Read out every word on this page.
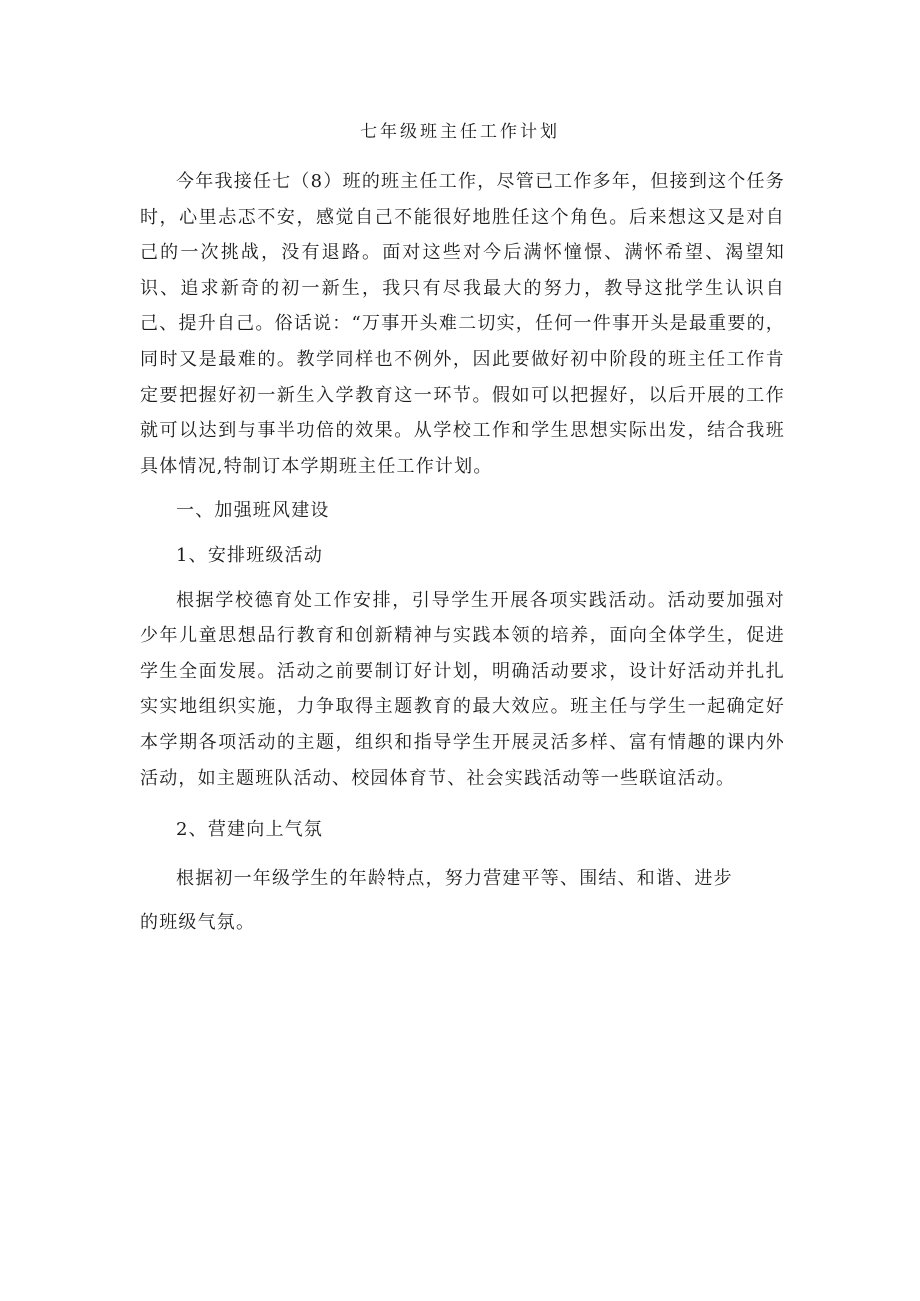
七年级班主任工作计划

今年我接任七（8）班的班主任工作，尽管已工作多年，但接到这个任务时，心里忐忑不安，感觉自己不能很好地胜任这个角色。后来想这又是对自己的一次挑战，没有退路。面对这些对今后满怀憧憬、满怀希望、渴望知识、追求新奇的初一新生，我只有尽我最大的努力，教导这批学生认识自己、提升自己。俗话说：“万事开头难二切实，任何一件事开头是最重要的，同时又是最难的。教学同样也不例外，因此要做好初中阶段的班主任工作肯定要把握好初一新生入学教育这一环节。假如可以把握好，以后开展的工作就可以达到与事半功倍的效果。从学校工作和学生思想实际出发，结合我班具体情况,特制订本学期班主任工作计划。

一、加强班风建设

1、安排班级活动

根据学校德育处工作安排，引导学生开展各项实践活动。活动要加强对少年儿童思想品行教育和创新精神与实践本领的培养，面向全体学生，促进学生全面发展。活动之前要制订好计划，明确活动要求，设计好活动并扎扎实实地组织实施，力争取得主题教育的最大效应。班主任与学生一起确定好本学期各项活动的主题，组织和指导学生开展灵活多样、富有情趣的课内外活动，如主题班队活动、校园体育节、社会实践活动等一些联谊活动。

2、营建向上气氛

根据初一年级学生的年龄特点，努力营建平等、围结、和谐、进步的班级气氛。
